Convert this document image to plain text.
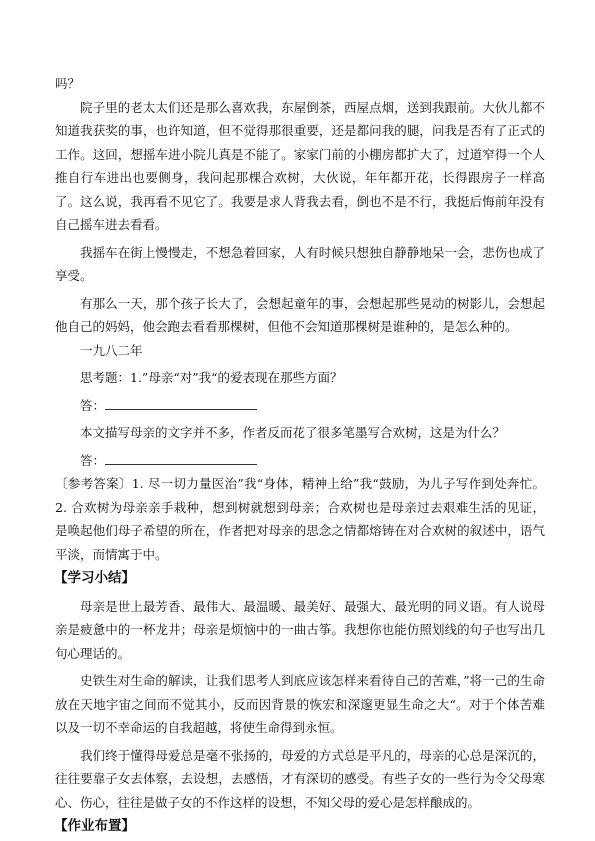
吗？

院子里的老太太们还是那么喜欢我，东屋倒茶，西屋点烟，送到我跟前。大伙儿都不知道我获奖的事，也许知道，但不觉得那很重要，还是都问我的腿，问我是否有了正式的工作。这回，想摇车进小院儿真是不能了。家家门前的小棚房都扩大了，过道窄得一个人推自行车进出也要侧身，我问起那棵合欢树，大伙说，年年都开花，长得跟房子一样高了。这么说，我再看不见它了。我要是求人背我去看，倒也不是不行，我挺后悔前年没有自己摇车进去看看。

我摇车在街上慢慢走，不想急着回家，人有时候只想独自静静地呆一会，悲伤也成了享受。

有那么一天，那个孩子长大了，会想起童年的事，会想起那些晃动的树影儿，会想起他自己的妈妈，他会跑去看看那棵树，但他不会知道那棵树是谁种的，是怎么种的。

一九八二年

思考题：1.”母亲“对”我“的爱表现在那些方面？

答：

本文描写母亲的文字并不多，作者反而花了很多笔墨写合欢树，这是为什么？

答：

〔参考答案〕1. 尽一切力量医治”我“身体，精神上给”我“鼓励，为儿子写作到处奔忙。2. 合欢树为母亲亲手栽种，想到树就想到母亲；合欢树也是母亲过去艰难生活的见证，是唤起他们母子希望的所在，作者把对母亲的思念之情都熔铸在对合欢树的叙述中，语气平淡，而情寓于中。

【学习小结】

母亲是世上最芳香、最伟大、最温暖、最美好、最强大、最光明的同义语。有人说母亲是疲惫中的一杯龙井；母亲是烦恼中的一曲古筝。我想你也能仿照划线的句子也写出几句心理话的。

史铁生对生命的解读，让我们思考人到底应该怎样来看待自己的苦难，”将一己的生命放在天地宇宙之间而不觉其小，反而因背景的恢宏和深邃更显生命之大“。对于个体苦难以及一切不幸命运的自我超越，将使生命得到永恒。

我们终于懂得母爱总是毫不张扬的，母爱的方式总是平凡的，母亲的心总是深沉的，往往要靠子女去体察，去设想，去感悟，才有深切的感受。有些子女的一些行为令父母寒心、伤心，往往是做子女的不作这样的设想，不知父母的爱心是怎样酿成的。

【作业布置】
